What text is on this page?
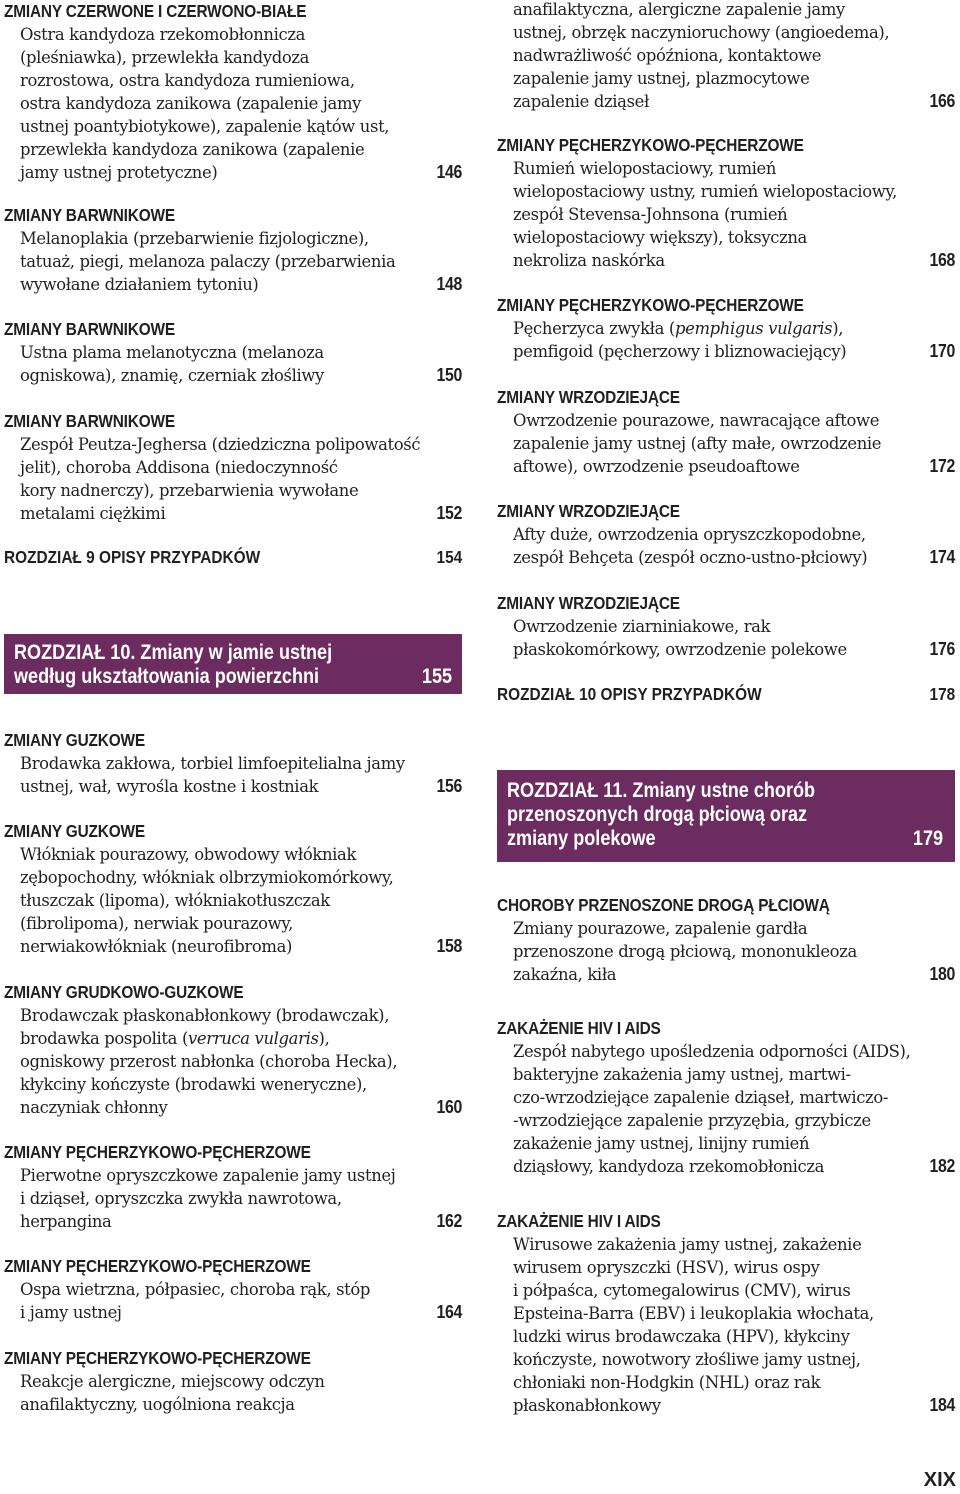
ZMIANY CZERWONE I CZERWONO-BIAŁE
Ostra kandydoza rzekomobłonnicza
(pleśniawka), przewlekła kandydoza
rozrostowa, ostra kandydoza rumieniowa,
ostra kandydoza zanikowa (zapalenie jamy
ustnej poantybiotykowe), zapalenie kątów ust,
przewlekła kandydoza zanikowa (zapalenie
jamy ustnej protetyczne)	146
ZMIANY BARWNIKOWE
Melanoplakia (przebarwienie fizjologiczne),
tatuaż, piegi, melanoza palaczy (przebarwienia
wywołane działaniem tytoniu)	148
ZMIANY BARWNIKOWE
Ustna plama melanotyczna (melanoza
ogniskowa), znamię, czerniak złośliwy	150
ZMIANY BARWNIKOWE
Zespół Peutza-Jeghersa (dziedziczna polipowatość
jelit), choroba Addisona (niedoczynność
kory nadnerczy), przebarwienia wywołane
metalami ciężkimi	152
ROZDZIAŁ 9 OPISY PRZYPADKÓW	154
ROZDZIAŁ 10. Zmiany w jamie ustnej
według ukształtowania powierzchni	155
ZMIANY GUZKOWE
Brodawka zakłowa, torbiel limfoepitelialna jamy
ustnej, wał, wyrośla kostne i kostniak	156
ZMIANY GUZKOWE
Włókniak pourazowy, obwodowy włókniak
zębopochodny, włókniak olbrzymiokomórkowy,
tłuszczak (lipoma), włókniakotłuszczak
(fibrolipoma), nerwiak pourazowy,
nerwiakowłókniak (neurofibroma)	158
ZMIANY GRUDKOWO-GUZKOWE
Brodawczak płaskonabłonkowy (brodawczak),
brodawka pospolita (verruca vulgaris),
ogniskowy przerost nabłonka (choroba Hecka),
kłykciny kończyste (brodawki weneryczne),
naczyniak chłonny	160
ZMIANY PĘCHERZYKOWO-PĘCHERZOWE
Pierwotne opryszczkowe zapalenie jamy ustnej
i dziąseł, opryszczka zwykła nawrotowa,
herpangina	162
ZMIANY PĘCHERZYKOWO-PĘCHERZOWE
Ospa wietrzna, półpasiec, choroba rąk, stóp
i jamy ustnej	164
ZMIANY PĘCHERZYKOWO-PĘCHERZOWE
Reakcje alergiczne, miejscowy odczyn
anafilaktyczny, uogólniona reakcja
anafilaktyczna, alergiczne zapalenie jamy
ustnej, obrzęk naczynioruchowy (angioedema),
nadwrażliwość opóźniona, kontaktowe
zapalenie jamy ustnej, plazmocytowe
zapalenie dziąseł	166
ZMIANY PĘCHERZYKOWO-PĘCHERZOWE
Rumień wielopostaciowy, rumień
wielopostaciowy ustny, rumień wielopostaciowy,
zespół Stevensa-Johnsona (rumień
wielopostaciowy większy), toksyczna
nekroliza naskórka	168
ZMIANY PĘCHERZYKOWO-PĘCHERZOWE
Pęcherzyca zwykła (pemphigus vulgaris),
pemfigoid (pęcherzowy i bliznowaciejący)	170
ZMIANY WRZODZIEJĄCE
Owrzodzenie pourazowe, nawracające aftowe
zapalenie jamy ustnej (afty małe, owrzodzenie
aftowe), owrzodzenie pseudoaftowe	172
ZMIANY WRZODZIEJĄCE
Afty duże, owrzodzenia opryszczkopodobne,
zespół Behçeta (zespół oczno-ustno-płciowy)	174
ZMIANY WRZODZIEJĄCE
Owrzodzenie ziarniniakowe, rak
płaskokomórkowy, owrzodzenie polekowe	176
ROZDZIAŁ 10 OPISY PRZYPADKÓW	178
ROZDZIAŁ 11. Zmiany ustne chorób
przenoszonych drogą płciową oraz
zmiany polekowe	179
CHOROBY PRZENOSZONE DROGĄ PŁCIOWĄ
Zmiany pourazowe, zapalenie gardła
przenoszone drogą płciową, mononukleoza
zakaźna, kiła	180
ZAKAŻENIE HIV I AIDS
Zespół nabytego upośledzenia odporności (AIDS),
bakteryjne zakażenia jamy ustnej, martwi-
czo-wrzodziejące zapalenie dziąseł, martwiczo-
-wrzodziejące zapalenie przyzębia, grzybicze
zakażenie jamy ustnej, linijny rumień
dziąsłowy, kandydoza rzekomobłonicza	182
ZAKAŻENIE HIV I AIDS
Wirusowe zakażenia jamy ustnej, zakażenie
wirusem opryszczki (HSV), wirus ospy
i półpaśca, cytomegalowirus (CMV), wirus
Epsteina-Barra (EBV) i leukoplakia włochata,
ludzki wirus brodawczaka (HPV), kłykciny
kończyste, nowotwory złośliwe jamy ustnej,
chłoniaki non-Hodgkin (NHL) oraz rak
płaskonabłonkowy	184
XIX
